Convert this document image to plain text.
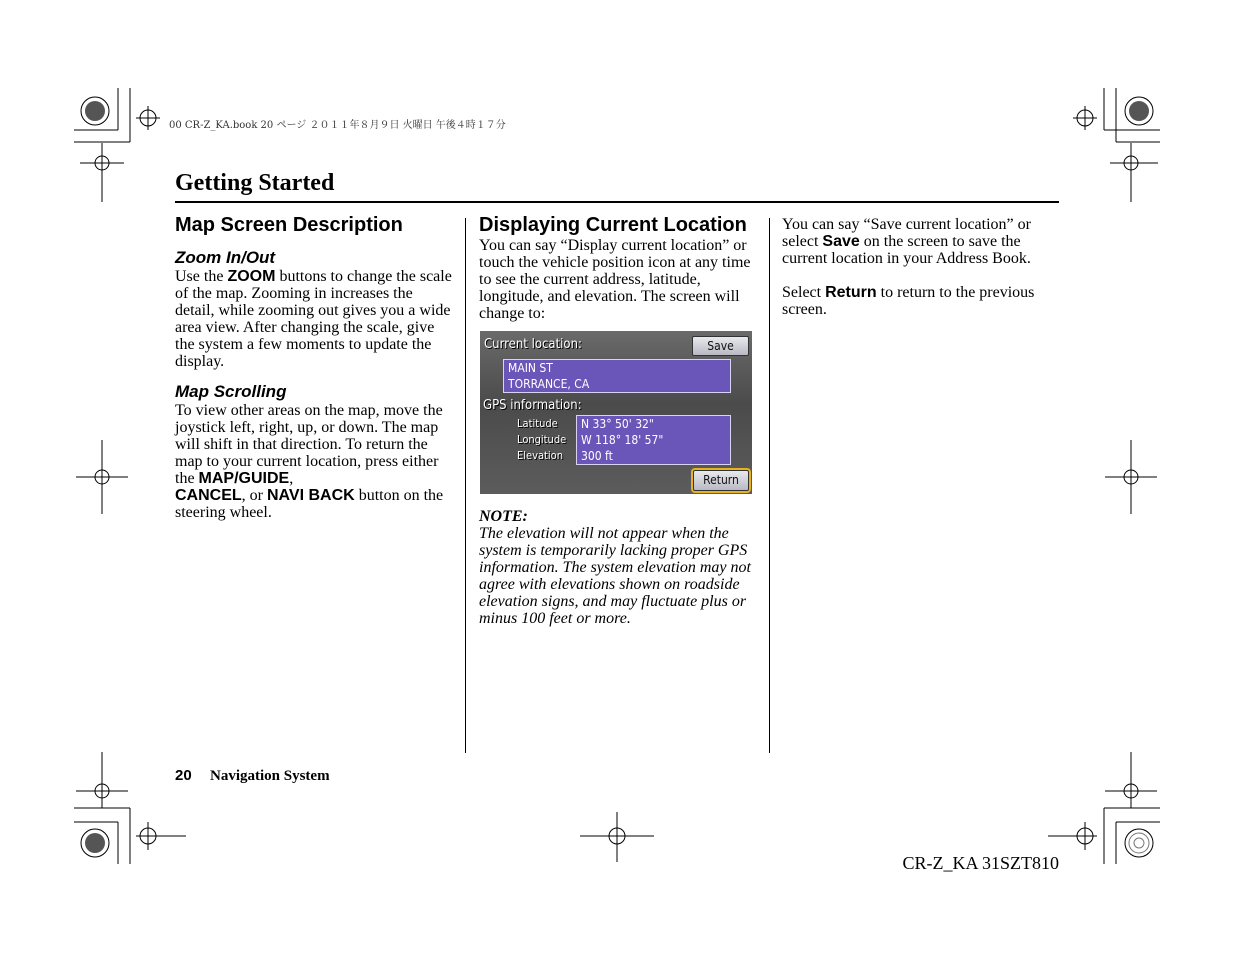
00 CR-Z_KA.book 20 ページ ２０１１年８月９日 火曜日 午後４時１７分
Getting Started
Map Screen Description
Zoom In/Out

Use the ZOOM buttons to change the scale of the map. Zooming in increases the detail, while zooming out gives you a wide area view. After changing the scale, give the system a few moments to update the display.

Map Scrolling

To view other areas on the map, move the joystick left, right, up, or down. The map will shift in that direction. To return the map to your current location, press either the MAP/GUIDE,
CANCEL, or NAVI BACK button on the steering wheel.

Displaying Current Location

You can say “Display current location” or touch the vehicle position icon at any time to see the current address, latitude, longitude, and elevation. The screen will change to:

NOTE:

The elevation will not appear when the system is temporarily lacking proper GPS information. The system elevation may not agree with elevations shown on roadside elevation signs, and may fluctuate plus or minus 100 feet or more.

Current location:	Save
MAIN ST
TORRANCE, CA
GPS information:
Latitude
Longitude
Elevation
N 33° 50' 32"
W 118° 18' 57"
300 ft
Return

You can say “Save current location” or select Save on the screen to save the current location in your Address Book.

Select Return to return to the previous screen.

20 Navigation System
CR-Z_KA 31SZT810
